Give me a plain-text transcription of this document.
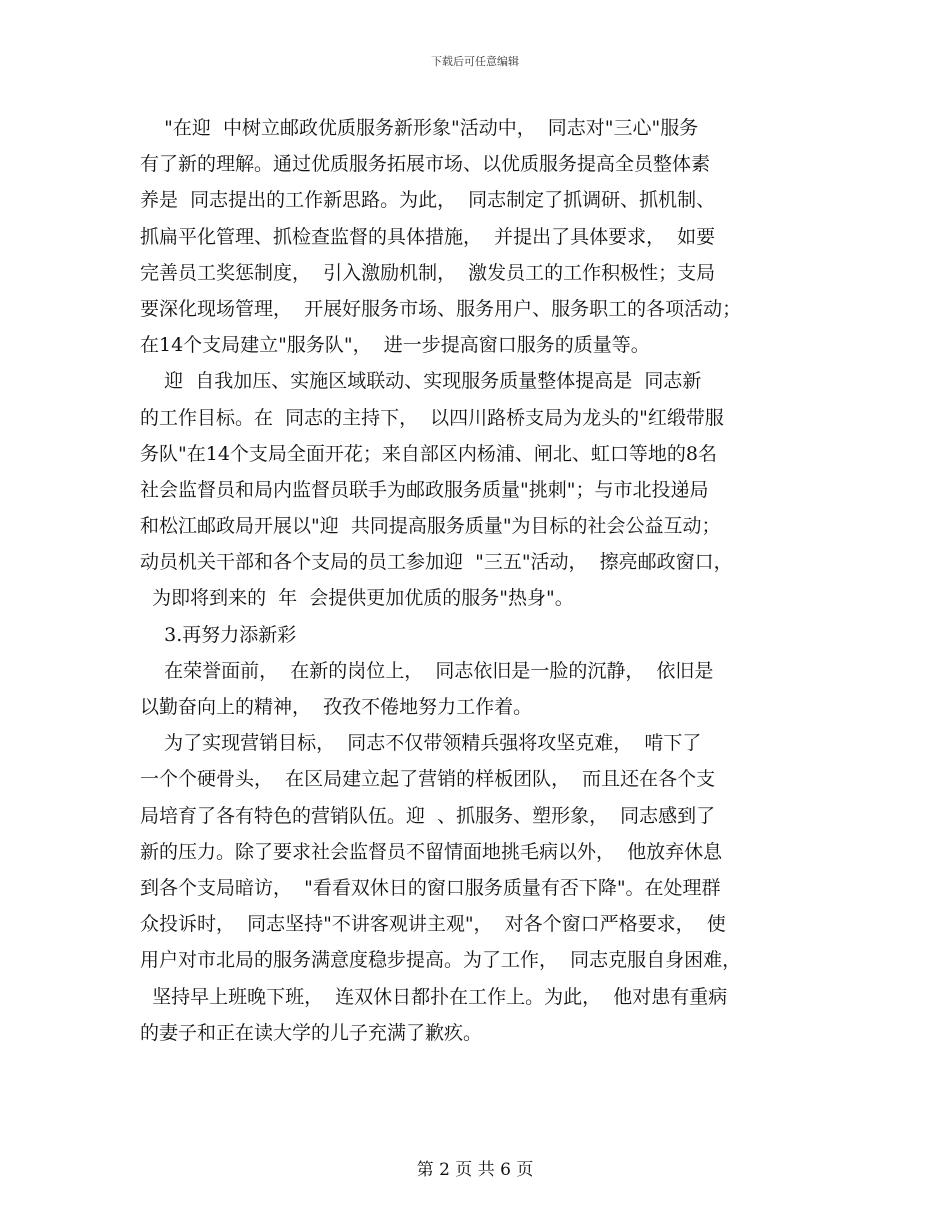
下载后可任意编辑
"在迎  中树立邮政优质服务新形象"活动中，  同志对"三心"服务
有了新的理解。通过优质服务拓展市场、以优质服务提高全员整体素
养是  同志提出的工作新思路。为此，  同志制定了抓调研、抓机制、
抓扁平化管理、抓检查监督的具体措施，  并提出了具体要求，  如要
完善员工奖惩制度，  引入激励机制，  激发员工的工作积极性；支局
要深化现场管理，  开展好服务市场、服务用户、服务职工的各项活动；
在14个支局建立"服务队"，  进一步提高窗口服务的质量等。
迎  自我加压、实施区域联动、实现服务质量整体提高是  同志新
的工作目标。在  同志的主持下，  以四川路桥支局为龙头的"红缎带服
务队"在14个支局全面开花；来自部区内杨浦、闸北、虹口等地的8名
社会监督员和局内监督员联手为邮政服务质量"挑刺"；与市北投递局
和松江邮政局开展以"迎  共同提高服务质量"为目标的社会公益互动；
动员机关干部和各个支局的员工参加迎  "三五"活动，  擦亮邮政窗口，
为即将到来的  年  会提供更加优质的服务"热身"。
3.再努力添新彩
在荣誉面前，  在新的岗位上，  同志依旧是一脸的沉静，  依旧是
以勤奋向上的精神，  孜孜不倦地努力工作着。
为了实现营销目标，  同志不仅带领精兵强将攻坚克难，  啃下了
一个个硬骨头，  在区局建立起了营销的样板团队，  而且还在各个支
局培育了各有特色的营销队伍。迎  、抓服务、塑形象，  同志感到了
新的压力。除了要求社会监督员不留情面地挑毛病以外，  他放弃休息
到各个支局暗访，  "看看双休日的窗口服务质量有否下降"。在处理群
众投诉时，  同志坚持"不讲客观讲主观"，  对各个窗口严格要求，  使
用户对市北局的服务满意度稳步提高。为了工作，  同志克服自身困难，
坚持早上班晚下班，  连双休日都扑在工作上。为此，  他对患有重病
的妻子和正在读大学的儿子充满了歉疚。
第 2 页 共 6 页
